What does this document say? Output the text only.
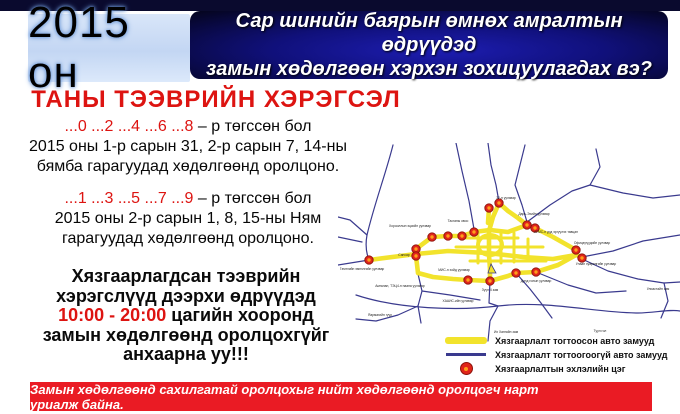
2015 он
Сар шинийн баярын өмнөх амралтын өдрүүдэд
замын хөдөлгөөн хэрхэн зохицуулагдах вэ?
ТАНЫ ТЭЭВРИЙН ХЭРЭГСЭЛ
...0 ...2 ...4 ...6 ...8 – р төгссөн бол
2015 оны 1-р сарын 31, 2-р сарын 7, 14-ны
бямба гарагуудад хөдөлгөөнд оролцоно.
...1 ...3 ...5 ...7 ...9 – р төгссөн бол
2015 оны 2-р сарын 1, 8, 15-ны Ням
гарагуудад хөдөлгөөнд оролцоно.
Хязгаарлагдсан тээврийн
хэрэгслүүд дээрхи өдрүүдэд
10:00 - 20:00 цагийн хооронд
замын хөдөлгөөнд оролцохгүйг
анхаарна уу!!!
32-н уулзвар
Тасганы овоо
Хорооллын эцсийн уулзвар
Дарь-Эхийн уулзвар
АТМС-н урд эргүүлэх тавцан
Гэмтлийн эмнэлгийн уулзвар
Сансар
Амгалан, ТЭЦ4-н наана уулзвар
МИС-н хойд уулзвар
Зүүн 4 зам
Дунд голын уулзвар
Офицерүүдийн уулзвар
Улаан хуарангийн уулзвар
ХААИС-ийн уулзвар
Яармагийн гүүр
Их Хангайн зам
Улиастайн зам
Туул гол
Хязгаарлалт тогтоосон авто замууд
Хязгаарлалт тогтоогоогүй авто замууд
Хязгаарлалтын эхлэлийн цэг
Замын хөдөлгөөнд сахилгатай оролцохыг нийт хөдөлгөөнд оролцогч нарт уриалж байна.
